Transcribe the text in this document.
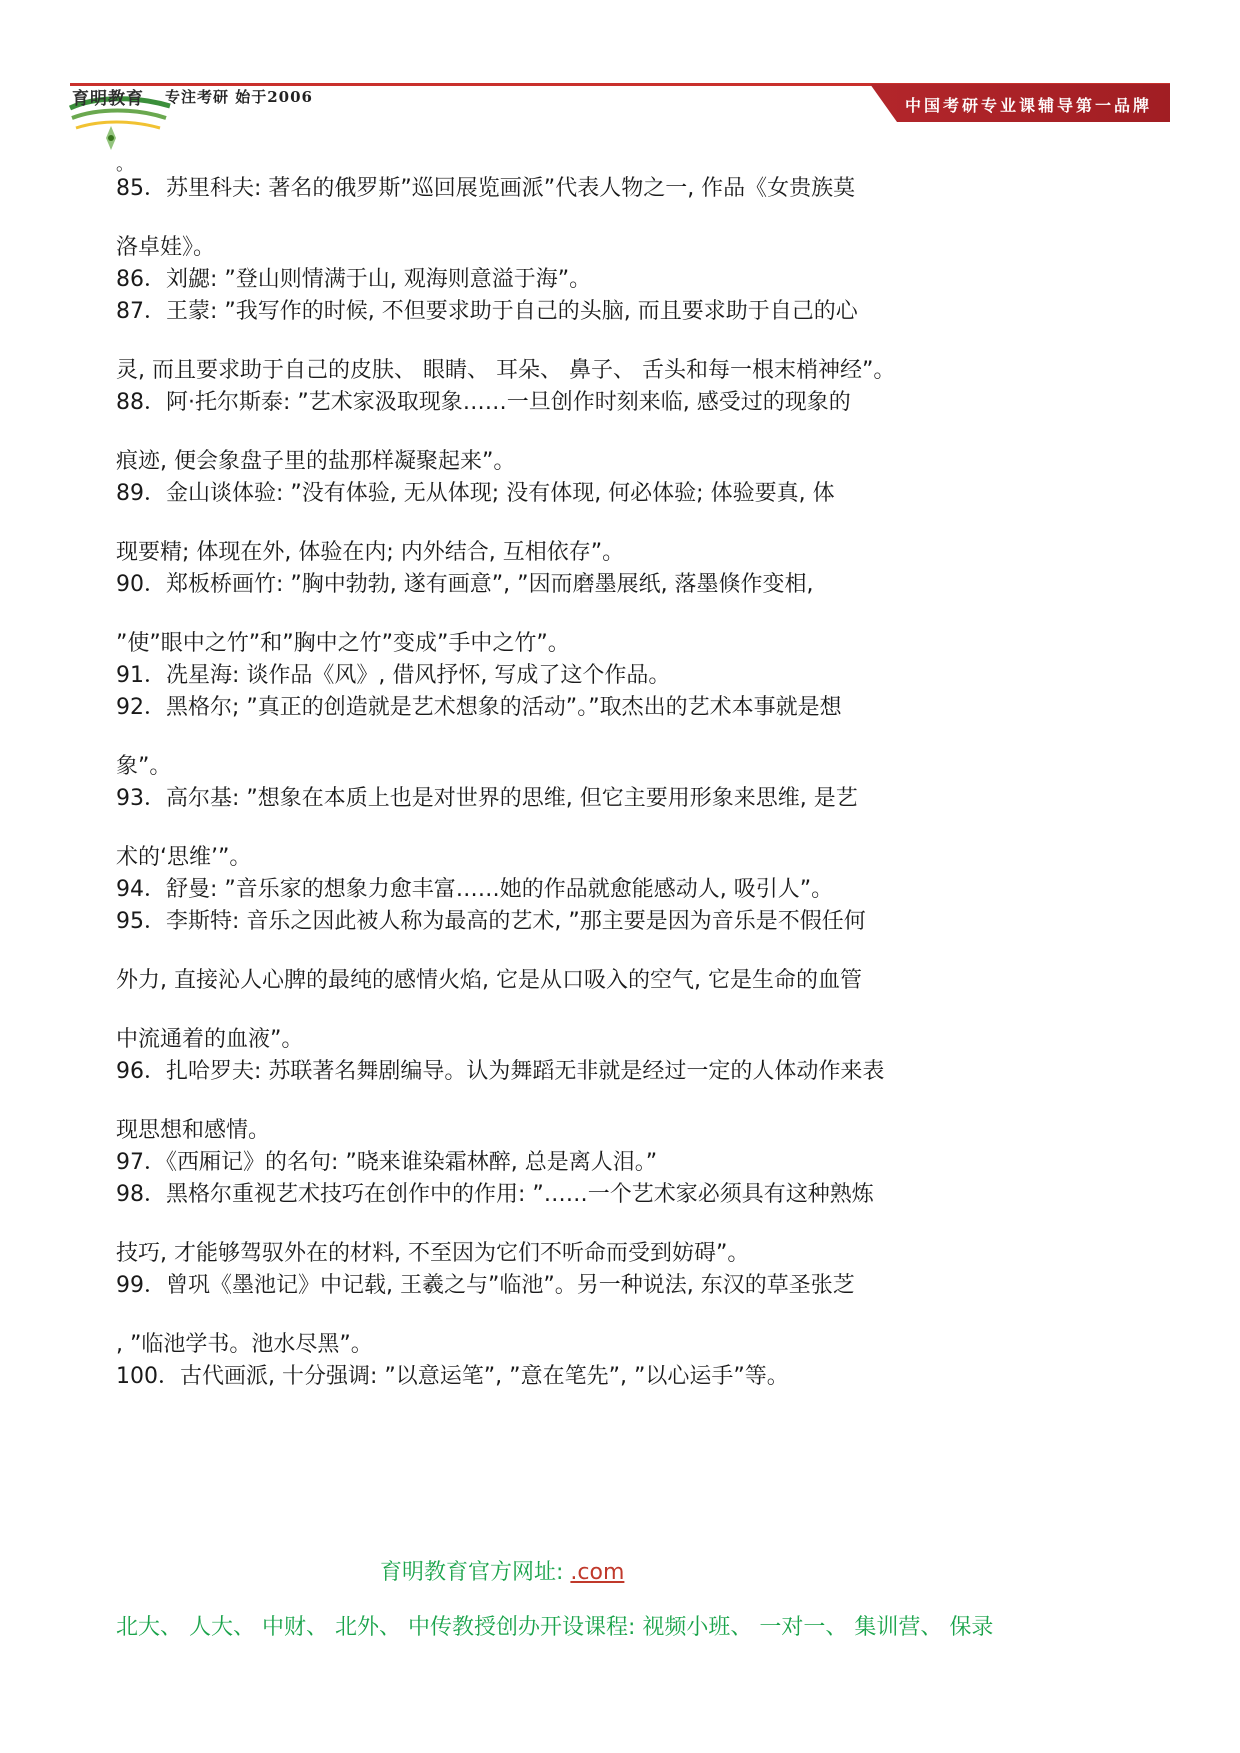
育明教育 专注考研 始于2006	中国考研专业课辅导第一品牌
。
85．苏里科夫: 著名的俄罗斯”巡回展览画派”代表人物之一, 作品《女贵族莫
洛卓娃》。
86．刘勰: ”登山则情满于山, 观海则意溢于海”。
87．王蒙: ”我写作的时候, 不但要求助于自己的头脑, 而且要求助于自己的心
灵, 而且要求助于自己的皮肤、 眼睛、 耳朵、 鼻子、 舌头和每一根末梢神经”。
88．阿·托尔斯泰: ”艺术家汲取现象……一旦创作时刻来临, 感受过的现象的
痕迹, 便会象盘子里的盐那样凝聚起来”。
89．金山谈体验: ”没有体验, 无从体现; 没有体现, 何必体验; 体验要真, 体
现要精; 体现在外, 体验在内; 内外结合, 互相依存”。
90．郑板桥画竹: ”胸中勃勃, 遂有画意”, ”因而磨墨展纸, 落墨倏作变相,
”使”眼中之竹”和”胸中之竹”变成”手中之竹”。
91．冼星海: 谈作品《风》, 借风抒怀, 写成了这个作品。
92．黑格尔; ”真正的创造就是艺术想象的活动”。”取杰出的艺术本事就是想
象”。
93．高尔基: ”想象在本质上也是对世界的思维, 但它主要用形象来思维, 是艺
术的‘思维’”。
94．舒曼: ”音乐家的想象力愈丰富……她的作品就愈能感动人, 吸引人”。
95．李斯特: 音乐之因此被人称为最高的艺术, ”那主要是因为音乐是不假任何
外力, 直接沁人心脾的最纯的感情火焰, 它是从口吸入的空气, 它是生命的血管
中流通着的血液”。
96．扎哈罗夫: 苏联著名舞剧编导。认为舞蹈无非就是经过一定的人体动作来表
现思想和感情。
97．《西厢记》的名句: ”晓来谁染霜林醉, 总是离人泪。”
98．黑格尔重视艺术技巧在创作中的作用: ”……一个艺术家必须具有这种熟炼
技巧, 才能够驾驭外在的材料, 不至因为它们不听命而受到妨碍”。
99．曾巩《墨池记》中记载, 王羲之与”临池”。另一种说法, 东汉的草圣张芝
, ”临池学书。池水尽黑”。
100．古代画派, 十分强调: ”以意运笔”, ”意在笔先”, ”以心运手”等。
育明教育官方网址: .com
北大、 人大、 中财、 北外、 中传教授创办开设课程: 视频小班、 一对一、 集训营、 保录
